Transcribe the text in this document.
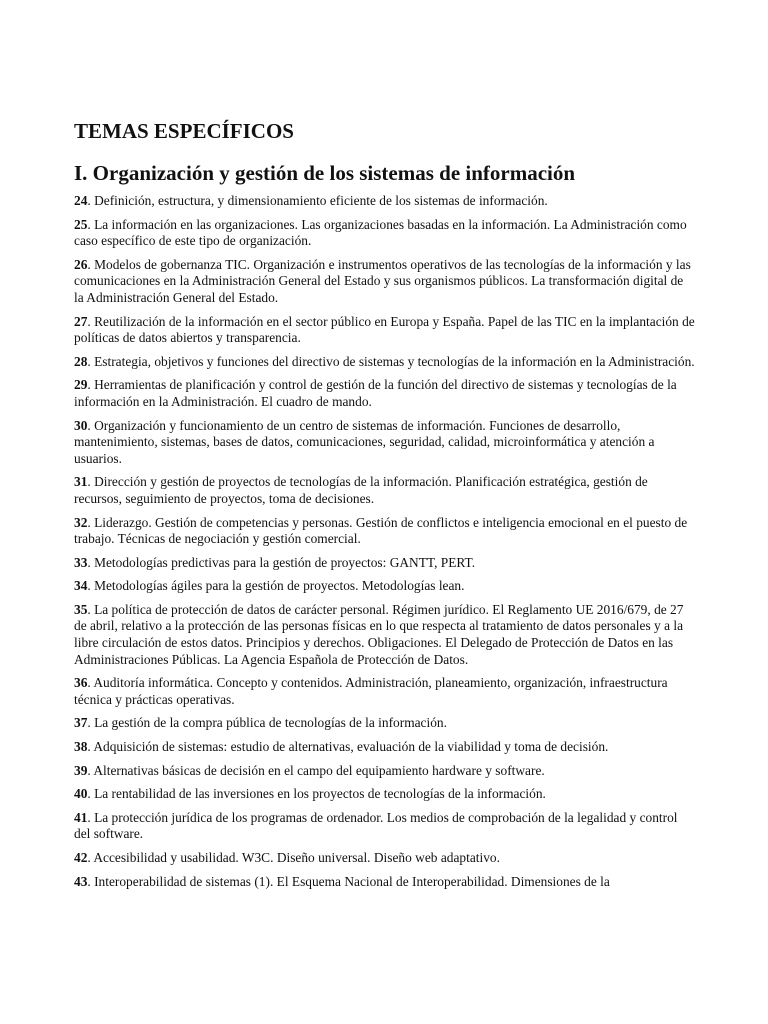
TEMAS ESPECÍFICOS
I. Organización y gestión de los sistemas de información
24. Definición, estructura, y dimensionamiento eficiente de los sistemas de información.
25. La información en las organizaciones. Las organizaciones basadas en la información. La Administración como caso específico de este tipo de organización.
26. Modelos de gobernanza TIC. Organización e instrumentos operativos de las tecnologías de la información y las comunicaciones en la Administración General del Estado y sus organismos públicos. La transformación digital de la Administración General del Estado.
27. Reutilización de la información en el sector público en Europa y España. Papel de las TIC en la implantación de políticas de datos abiertos y transparencia.
28. Estrategia, objetivos y funciones del directivo de sistemas y tecnologías de la información en la Administración.
29. Herramientas de planificación y control de gestión de la función del directivo de sistemas y tecnologías de la información en la Administración. El cuadro de mando.
30. Organización y funcionamiento de un centro de sistemas de información. Funciones de desarrollo, mantenimiento, sistemas, bases de datos, comunicaciones, seguridad, calidad, microinformática y atención a usuarios.
31. Dirección y gestión de proyectos de tecnologías de la información. Planificación estratégica, gestión de recursos, seguimiento de proyectos, toma de decisiones.
32. Liderazgo. Gestión de competencias y personas. Gestión de conflictos e inteligencia emocional en el puesto de trabajo. Técnicas de negociación y gestión comercial.
33. Metodologías predictivas para la gestión de proyectos: GANTT, PERT.
34. Metodologías ágiles para la gestión de proyectos. Metodologías lean.
35. La política de protección de datos de carácter personal. Régimen jurídico. El Reglamento UE 2016/679, de 27 de abril, relativo a la protección de las personas físicas en lo que respecta al tratamiento de datos personales y a la libre circulación de estos datos. Principios y derechos. Obligaciones. El Delegado de Protección de Datos en las Administraciones Públicas. La Agencia Española de Protección de Datos.
36. Auditoría informática. Concepto y contenidos. Administración, planeamiento, organización, infraestructura técnica y prácticas operativas.
37. La gestión de la compra pública de tecnologías de la información.
38. Adquisición de sistemas: estudio de alternativas, evaluación de la viabilidad y toma de decisión.
39. Alternativas básicas de decisión en el campo del equipamiento hardware y software.
40. La rentabilidad de las inversiones en los proyectos de tecnologías de la información.
41. La protección jurídica de los programas de ordenador. Los medios de comprobación de la legalidad y control del software.
42. Accesibilidad y usabilidad. W3C. Diseño universal. Diseño web adaptativo.
43. Interoperabilidad de sistemas (1). El Esquema Nacional de Interoperabilidad. Dimensiones de la
